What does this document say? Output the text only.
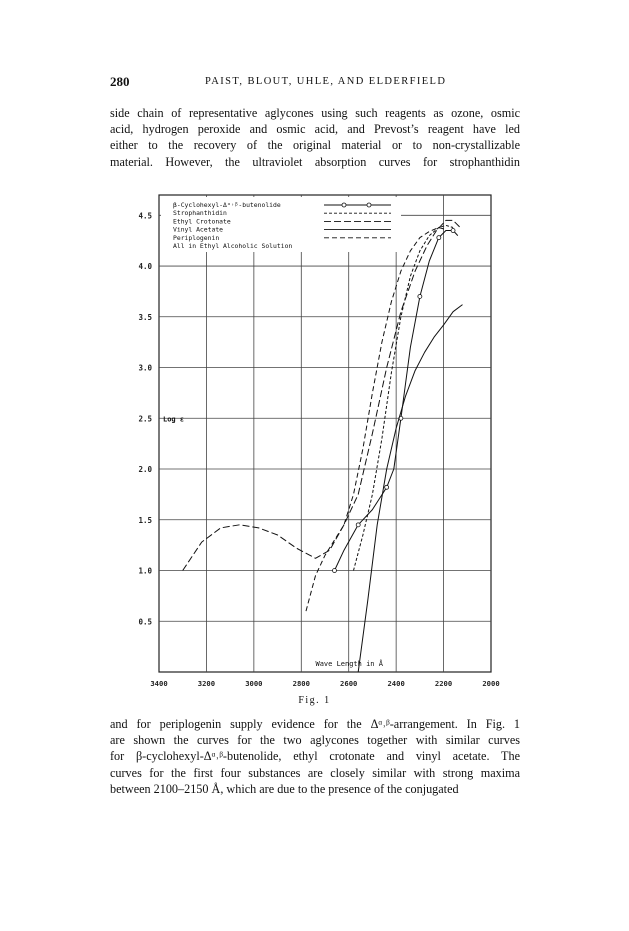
280	PAIST, BLOUT, UHLE, AND ELDERFIELD
side chain of representative aglycones using such reagents as ozone, osmic
acid, hydrogen peroxide and osmic acid, and Prevost’s reagent have led
either to the recovery of the original material or to non-crystallizable
material. However, the ultraviolet absorption curves for strophanthidin
3400	3200	3000	2800	2600	2400	2200	2000
0.5
1.0
1.5
2.0
2.5
3.0
3.5
4.0
4.5
β-Cyclohexyl-Δᵅ˒ᵝ-butenolide
Strophanthidin
Ethyl Crotonate
Vinyl Acetate
Periplogenin
All in Ethyl Alcoholic Solution
Log ε
Wave Length in Å
Fig. 1
and for periplogenin supply evidence for the Δᵅ˒ᵝ-arrangement. In Fig. 1
are shown the curves for the two aglycones together with similar curves
for β-cyclohexyl-Δᵅ˒ᵝ-butenolide, ethyl crotonate and vinyl acetate. The
curves for the first four substances are closely similar with strong maxima
between 2100–2150 Å, which are due to the presence of the conjugated
